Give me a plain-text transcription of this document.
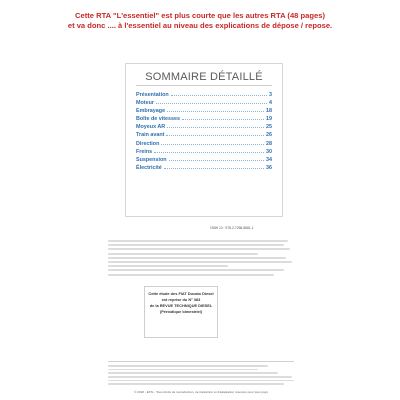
Cette RTA "L'essentiel" est plus courte que les autres RTA (48 pages)
et va donc .... à l'essentiel au niveau des explications de dépose / repose.
SOMMAIRE DÉTAILLÉ
Présentation	3
Moteur	4
Embrayage	18
Boîte de vitesses	19
Moyeux AR	25
Train avant	26
Direction	28
Freins	30
Suspension	34
Électricité	36
ISBN 13 : 978-2-7268-8681-1
Cette étude des FIAT Ducato Diesel
est reprise du N° 383
de la REVUE TECHNIQUE DIESEL
(Périodique bimestriel)
© 2018 - ETAI - Tous droits de reproduction, de traduction et d'adaptation réservés pour tous pays
